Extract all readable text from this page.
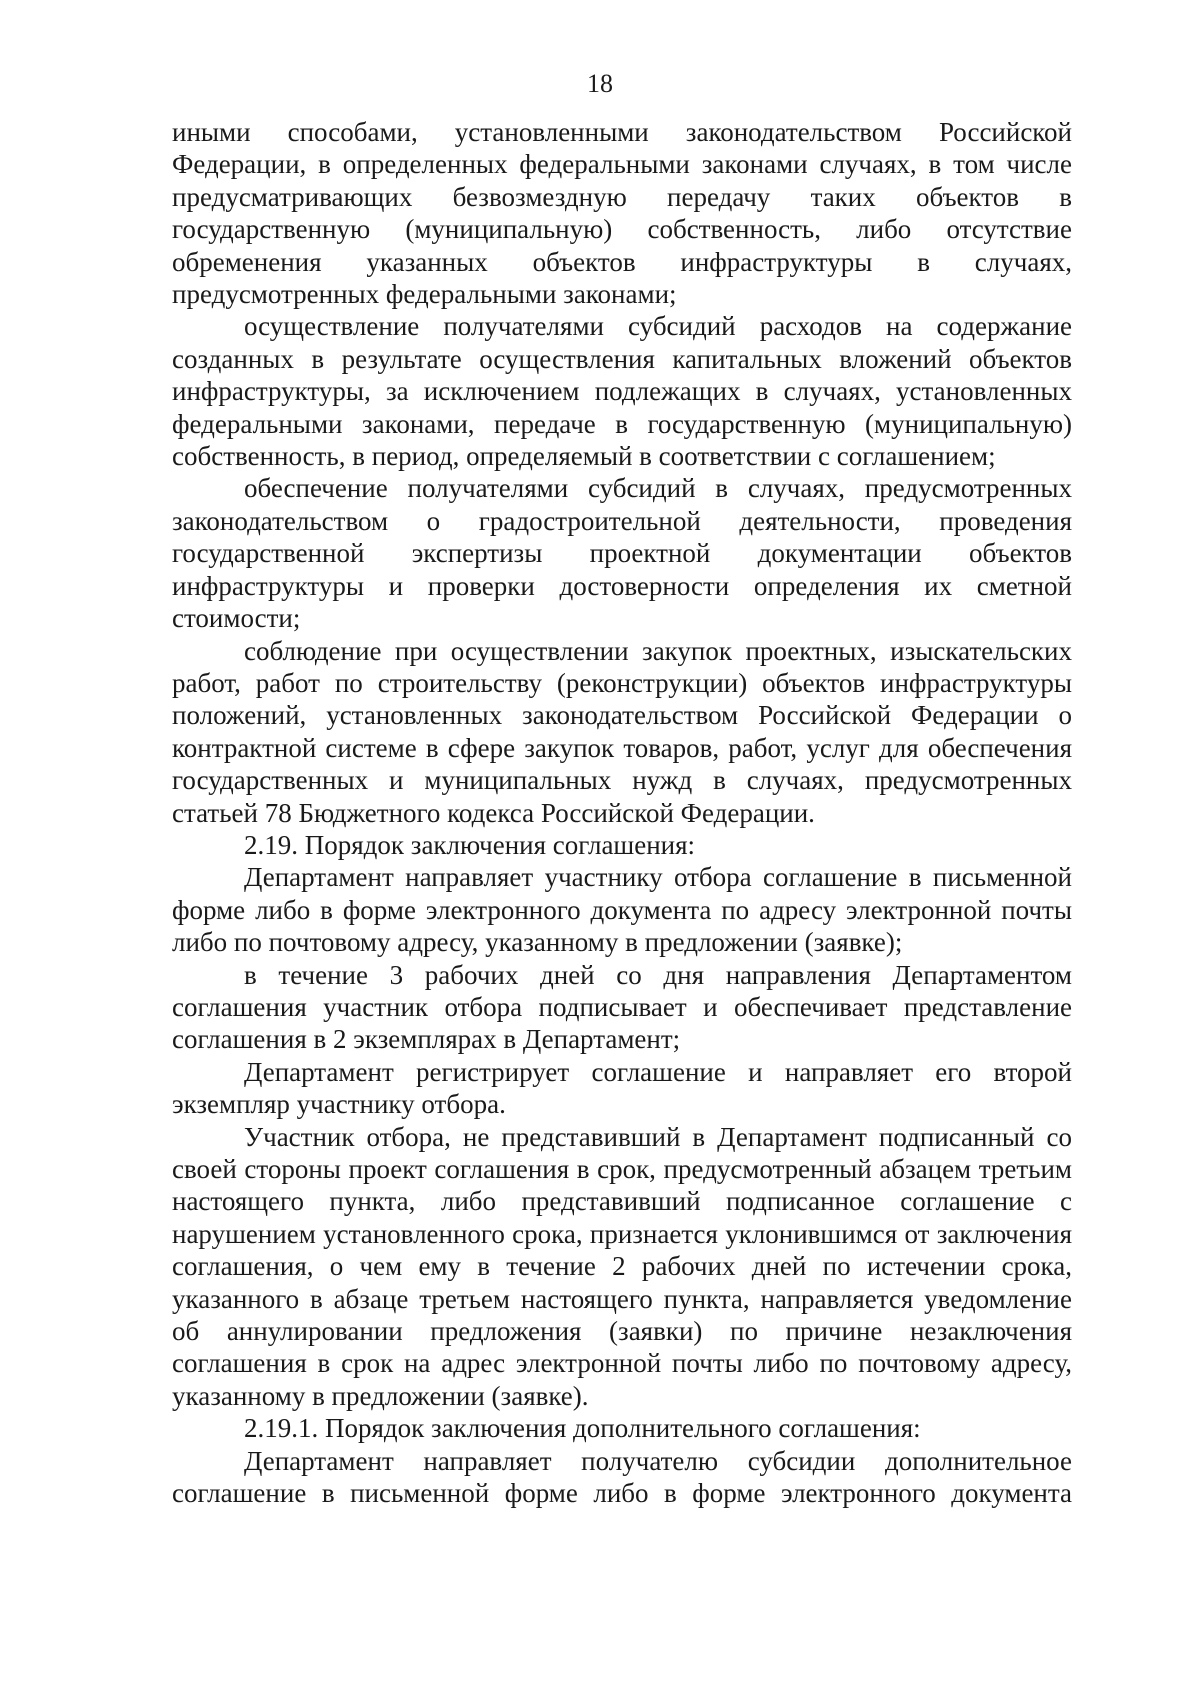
18

иными способами, установленными законодательством Российской Федерации, в определенных федеральными законами случаях, в том числе предусматривающих безвозмездную передачу таких объектов в государственную (муниципальную) собственность, либо отсутствие обременения указанных объектов инфраструктуры в случаях, предусмотренных федеральными законами;

осуществление получателями субсидий расходов на содержание созданных в результате осуществления капитальных вложений объектов инфраструктуры, за исключением подлежащих в случаях, установленных федеральными законами, передаче в государственную (муниципальную) собственность, в период, определяемый в соответствии с соглашением;

обеспечение получателями субсидий в случаях, предусмотренных законодательством о градостроительной деятельности, проведения государственной экспертизы проектной документации объектов инфраструктуры и проверки достоверности определения их сметной стоимости;

соблюдение при осуществлении закупок проектных, изыскательских работ, работ по строительству (реконструкции) объектов инфраструктуры положений, установленных законодательством Российской Федерации о контрактной системе в сфере закупок товаров, работ, услуг для обеспечения государственных и муниципальных нужд в случаях, предусмотренных статьей 78 Бюджетного кодекса Российской Федерации.

2.19. Порядок заключения соглашения:

Департамент направляет участнику отбора соглашение в письменной форме либо в форме электронного документа по адресу электронной почты либо по почтовому адресу, указанному в предложении (заявке);

в течение 3 рабочих дней со дня направления Департаментом соглашения участник отбора подписывает и обеспечивает представление соглашения в 2 экземплярах в Департамент;

Департамент регистрирует соглашение и направляет его второй экземпляр участнику отбора.

Участник отбора, не представивший в Департамент подписанный со своей стороны проект соглашения в срок, предусмотренный абзацем третьим настоящего пункта, либо представивший подписанное соглашение с нарушением установленного срока, признается уклонившимся от заключения соглашения, о чем ему в течение 2 рабочих дней по истечении срока, указанного в абзаце третьем настоящего пункта, направляется уведомление об аннулировании предложения (заявки) по причине незаключения соглашения в срок на адрес электронной почты либо по почтовому адресу, указанному в предложении (заявке).

2.19.1. Порядок заключения дополнительного соглашения:

Департамент направляет получателю субсидии дополнительное соглашение в письменной форме либо в форме электронного документа
